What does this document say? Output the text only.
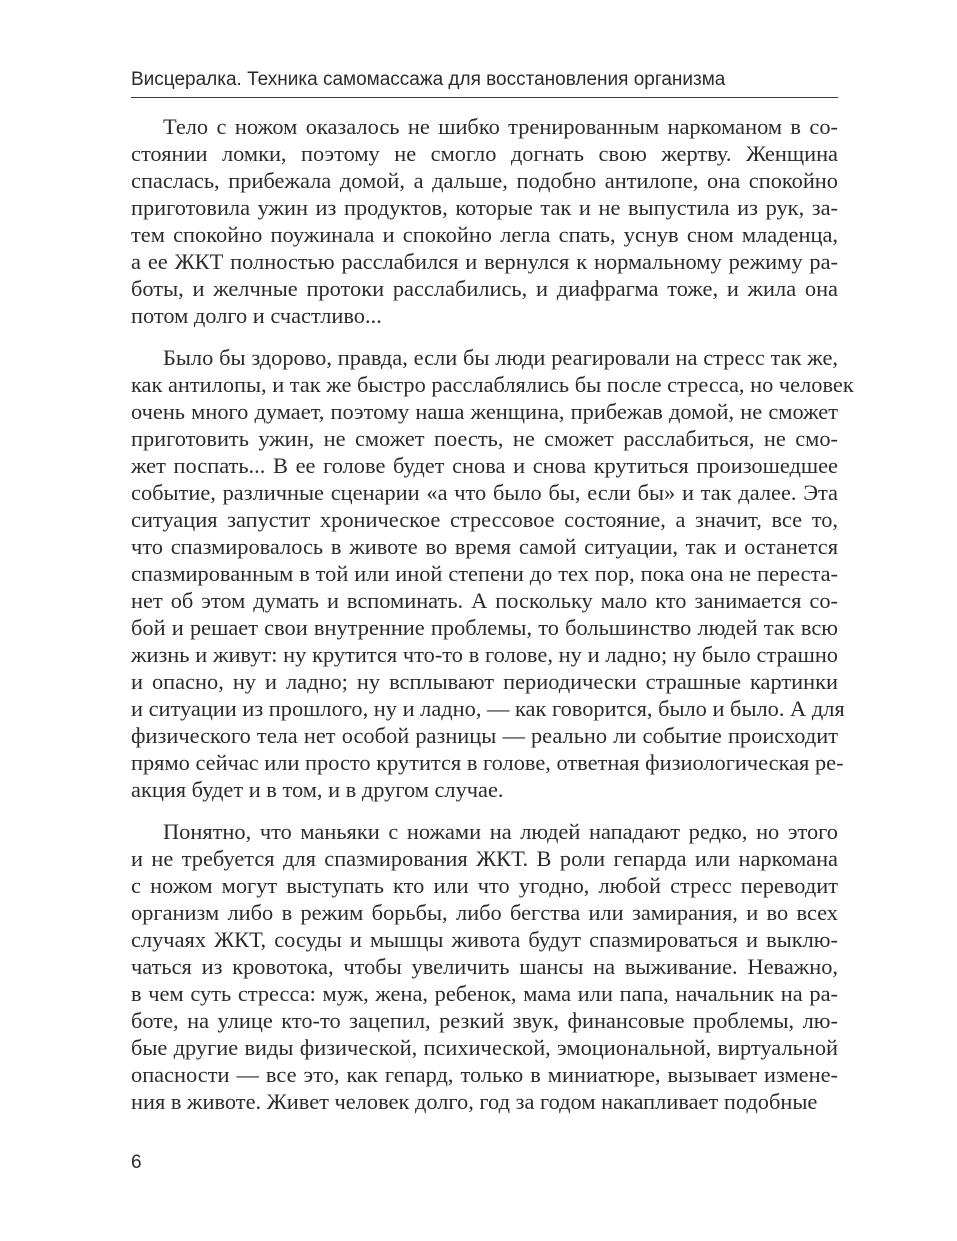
Висцералка. Техника самомассажа для восстановления организма
Тело с ножом оказалось не шибко тренированным наркоманом в со-
стоянии ломки, поэтому не смогло догнать свою жертву. Женщина
спаслась, прибежала домой, а дальше, подобно антилопе, она спокойно
приготовила ужин из продуктов, которые так и не выпустила из рук, за-
тем спокойно поужинала и спокойно легла спать, уснув сном младенца,
а ее ЖКТ полностью расслабился и вернулся к нормальному режиму ра-
боты, и желчные протоки расслабились, и диафрагма тоже, и жила она
потом долго и счастливо...
Было бы здорово, правда, если бы люди реагировали на стресс так же,
как антилопы, и так же быстро расслаблялись бы после стресса, но человек
очень много думает, поэтому наша женщина, прибежав домой, не сможет
приготовить ужин, не сможет поесть, не сможет расслабиться, не смо-
жет поспать... В ее голове будет снова и снова крутиться произошедшее
событие, различные сценарии «а что было бы, если бы» и так далее. Эта
ситуация запустит хроническое стрессовое состояние, а значит, все то,
что спазмировалось в животе во время самой ситуации, так и останется
спазмированным в той или иной степени до тех пор, пока она не переста-
нет об этом думать и вспоминать. А поскольку мало кто занимается со-
бой и решает свои внутренние проблемы, то большинство людей так всю
жизнь и живут: ну крутится что-то в голове, ну и ладно; ну было страшно
и опасно, ну и ладно; ну всплывают периодически страшные картинки
и ситуации из прошлого, ну и ладно, — как говорится, было и было. А для
физического тела нет особой разницы — реально ли событие происходит
прямо сейчас или просто крутится в голове, ответная физиологическая ре-
акция будет и в том, и в другом случае.
Понятно, что маньяки с ножами на людей нападают редко, но этого
и не требуется для спазмирования ЖКТ. В роли гепарда или наркомана
с ножом могут выступать кто или что угодно, любой стресс переводит
организм либо в режим борьбы, либо бегства или замирания, и во всех
случаях ЖКТ, сосуды и мышцы живота будут спазмироваться и выклю-
чаться из кровотока, чтобы увеличить шансы на выживание. Неважно,
в чем суть стресса: муж, жена, ребенок, мама или папа, начальник на ра-
боте, на улице кто-то зацепил, резкий звук, финансовые проблемы, лю-
бые другие виды физической, психической, эмоциональной, виртуальной
опасности — все это, как гепард, только в миниатюре, вызывает измене-
ния в животе. Живет человек долго, год за годом накапливает подобные
6
